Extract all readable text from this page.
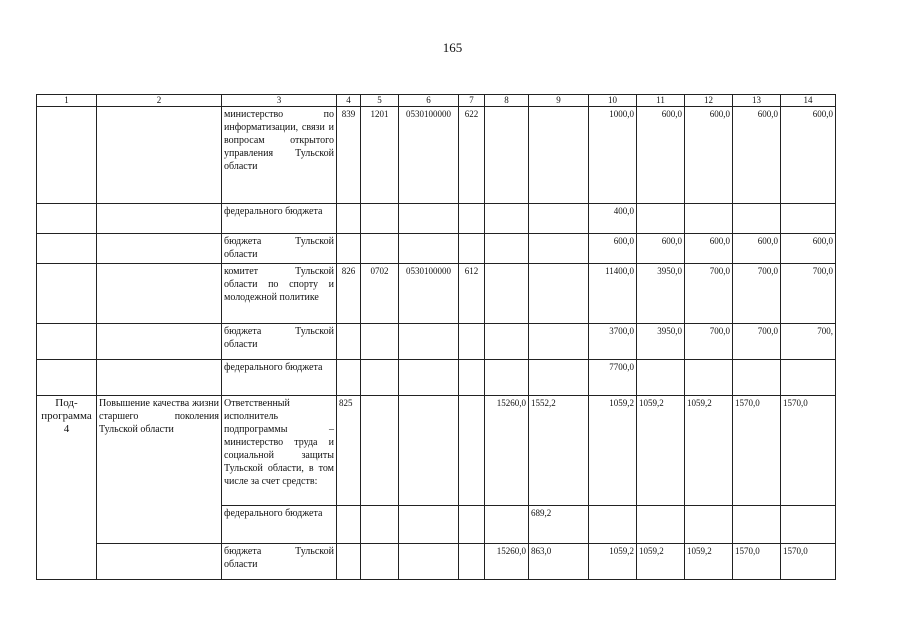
165
1	2	3	4	5	6	7	8	9	10	11	12	13	14
		министерство по информатизации, связи и вопросам открытого управления Тульской области	839	1201	0530100000	622			1000,0	600,0	600,0	600,0	600,0
		федерального бюджета							400,0				
		бюджета Тульской области							600,0	600,0	600,0	600,0	600,0
		комитет Тульской области по спорту и молодежной политике	826	0702	0530100000	612			11400,0	3950,0	700,0	700,0	700,0
		бюджета Тульской области							3700,0	3950,0	700,0	700,0	700,
		федерального бюджета							7700,0				
Под-программа 4	Повышение качества жизни старшего поколения Тульской области	Ответственный исполнитель подпрограммы – министерство труда и социальной защиты Тульской области, в том числе за счет средств:	825				15260,0	1552,2	1059,2	1059,2	1059,2	1570,0	1570,0
		федерального бюджета						689,2					
		бюджета Тульской области					15260,0	863,0	1059,2	1059,2	1059,2	1570,0	1570,0
